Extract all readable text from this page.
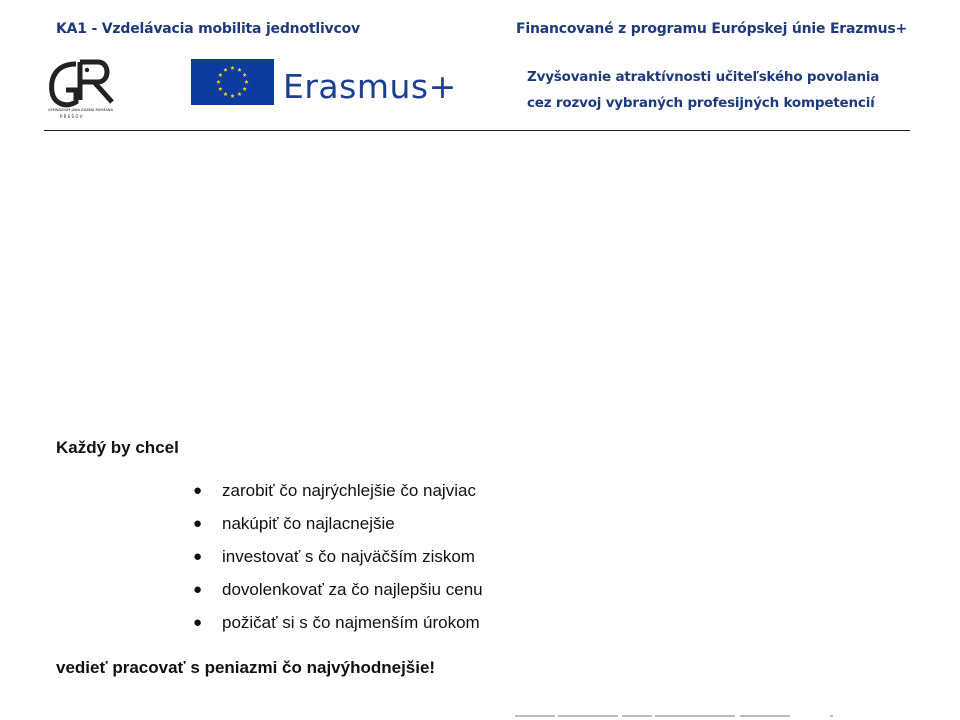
KA1 - Vzdelávacia mobilita jednotlivcov	Financované z programu Európskej únie Erazmus+
GYMNÁZIUM JÁNA ADAMA RAYMANA
P R E Š O V
Erasmus+	Zvyšovanie atraktívnosti učiteľského povolania
cez rozvoj vybraných profesijných kompetencií
Každý by chcel
● zarobiť čo najrýchlejšie čo najviac
● nakúpiť čo najlacnejšie
● investovať s čo najväčším ziskom
● dovolenkovať za čo najlepšiu cenu
● požičať si s čo najmenším úrokom
vedieť pracovať s peniazmi čo najvýhodnejšie!
